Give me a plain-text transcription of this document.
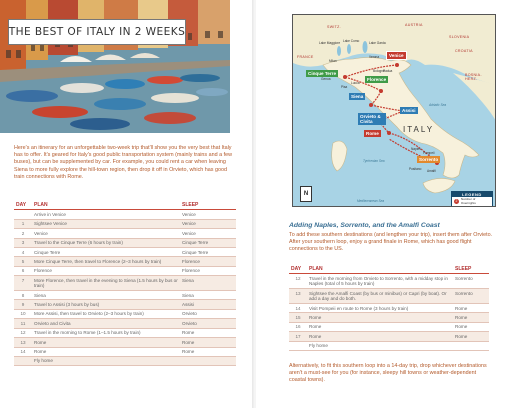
THE BEST OF ITALY IN 2 WEEKS

Here's an itinerary for an unforgettable two-week trip that'll show you the very best that Italy has to offer. It's geared for Italy's good public transportation system (mainly trains and a few buses), but can be supplemented by car. For example, you could rent a car when leaving Siena to more fully explore the hill-town region, then drop it off in Orvieto, which has good train connections with Rome.

DAY	PLAN	SLEEP
	Arrive in Venice	Venice
1	Sightsee Venice	Venice
2	Venice	Venice
3	Travel to the Cinque Terre (6 hours by train)	Cinque Terre
4	Cinque Terre	Cinque Terre
5	More Cinque Terre, then travel to Florence (2–3 hours by train)	Florence
6	Florence	Florence
7	More Florence, then travel in the evening to Siena (1.5 hours by bus or train)	Siena
8	Siena	Siena
9	Travel to Assisi (3 hours by bus)	Assisi
10	More Assisi, then travel to Orvieto (2–3 hours by train)	Orvieto
11	Orvieto and Civita	Orvieto
12	Travel in the morning to Rome (1–1.5 hours by train)	Rome
13	Rome	Rome
14	Rome	Rome
	Fly home	
Venice
Cinque Terre
Florence
Siena
Assisi
Orvieto & Civita
Rome
Sorrento
Lake Maggiore Lake Como	Lake Garda
Milan
Verona
Padua
Bologna
Pisa
Lucca
Genoa
Naples
Pompeii
Positano Amalfi
AUSTRIA
SLOVENIA
CROATIA
SWITZ.
FRANCE
BOSNIA-HERZ.
Tyrrhenian Sea
Adriatic Sea
Mediterranean Sea
ITALY
N	LEGEND
2
Number of Overnights
Adding Naples, Sorrento, and the Amalfi Coast

To add these southern destinations (and lengthen your trip), insert them after Orvieto. After your southern loop, enjoy a grand finale in Rome, which has good flight connections to the US.

DAY	PLAN	SLEEP
12	Travel in the morning from Orvieto to Sorrento, with a midday stop in Naples (total of 5 hours by train)	Sorrento
13	Sightsee the Amalfi Coast (by bus or minibus) or Capri (by boat). Or add a day and do both.	Sorrento
14	Visit Pompeii en route to Rome (3 hours by train)	Rome
15	Rome	Rome
16	Rome	Rome
17	Rome	Rome
	Fly home	

Alternatively, to fit this southern loop into a 14-day trip, drop whichever destinations aren't a must-see for you (for instance, sleepy hill towns or weather-dependent coastal towns).
